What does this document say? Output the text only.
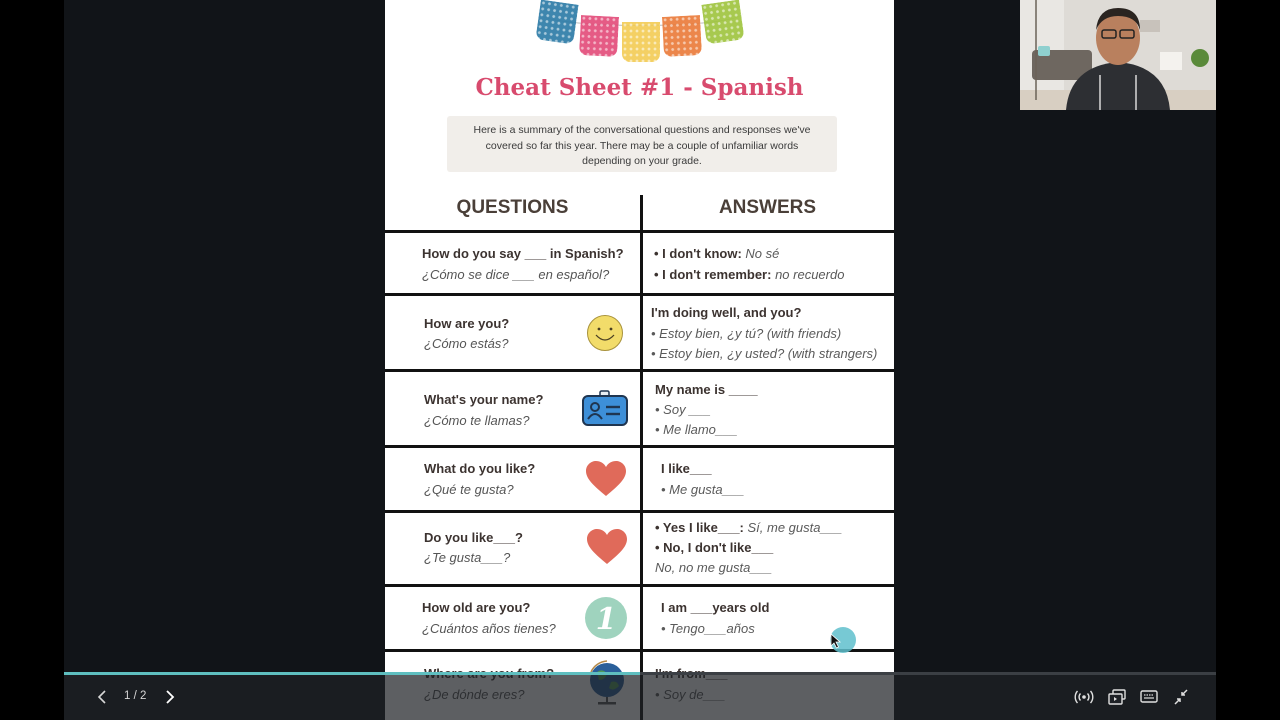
Cheat Sheet #1 - Spanish
Here is a summary of the conversational questions and responses we've
covered so far this year. There may be a couple of unfamiliar words
depending on your grade.
QUESTIONS	ANSWERS
How do you say ___ in Spanish?
¿Cómo se dice ___ en español?
• I don't know: No sé
• I don't remember: no recuerdo
How are you?
¿Cómo estás?
I'm doing well, and you?
• Estoy bien, ¿y tú? (with friends)
• Estoy bien, ¿y usted? (with strangers)
What's your name?
¿Cómo te llamas?
My name is ____
• Soy ___
• Me llamo___
What do you like?
¿Qué te gusta?
I like___
• Me gusta___
Do you like___?
¿Te gusta___?
• Yes I like___: Sí, me gusta___
• No, I don't like___
No, no me gusta___
How old are you?
¿Cuántos años tienes? 1	I am ___years old
• Tengo___años
1 / 2
